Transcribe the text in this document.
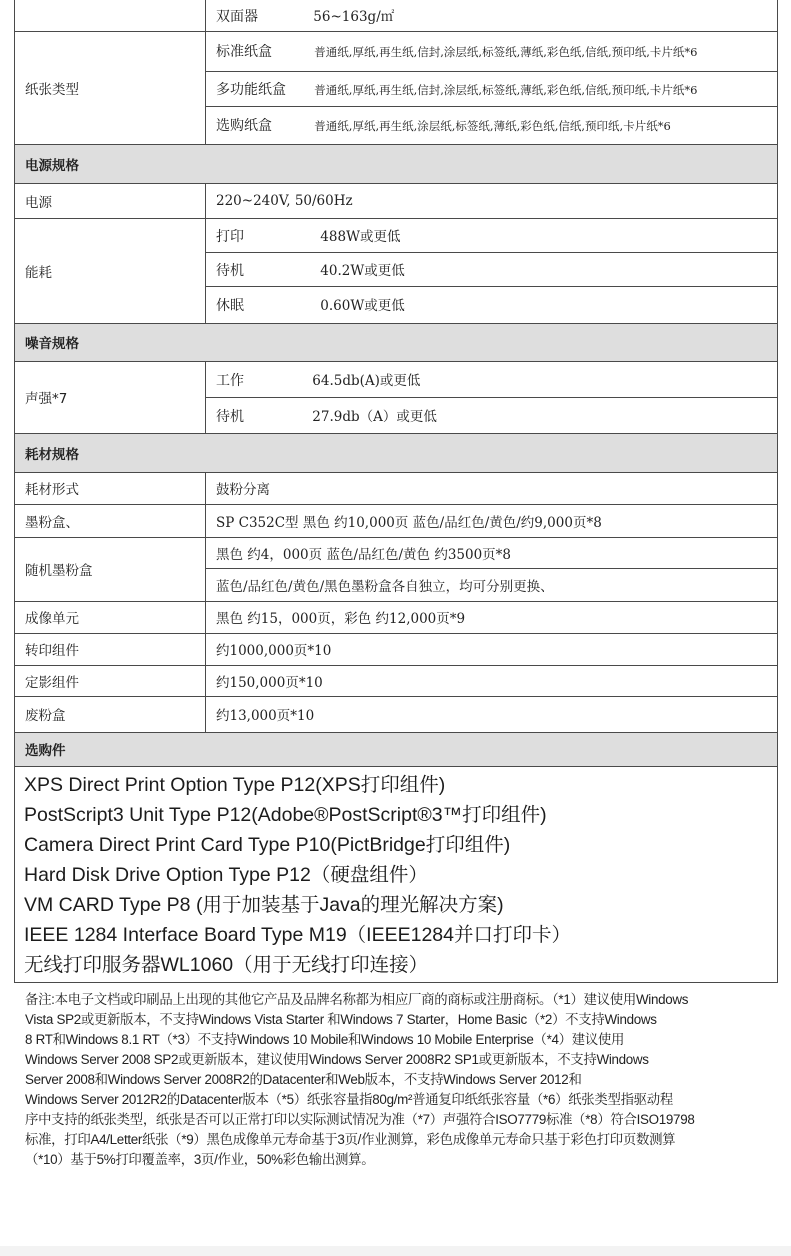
	双面器 56~163g/㎡
纸张类型	标准纸盒 普通纸,厚纸,再生纸,信封,涂层纸,标签纸,薄纸,彩色纸,信纸,预印纸,卡片纸*6
	多功能纸盒 普通纸,厚纸,再生纸,信封,涂层纸,标签纸,薄纸,彩色纸,信纸,预印纸,卡片纸*6
	选购纸盒 普通纸,厚纸,再生纸,涂层纸,标签纸,薄纸,彩色纸,信纸,预印纸,卡片纸*6
电源规格	
电源	220~240V, 50/60Hz
能耗	打印 488W或更低
	待机 40.2W或更低
	休眠 0.60W或更低
噪音规格	
声强*7	工作 64.5db(A)或更低
	待机 27.9db（A）或更低
耗材规格	
耗材形式	鼓粉分离
墨粉盒、	SP C352C型 黑色 约10,000页 蓝色/品红色/黄色/约9,000页*8
随机墨粉盒	黑色 约4，000页 蓝色/品红色/黄色 约3500页*8
	蓝色/品红色/黄色/黑色墨粉盒各自独立，均可分别更换、
成像单元	黑色 约15，000页，彩色 约12,000页*9
转印组件	约1000,000页*10
定影组件	约150,000页*10
废粉盒	约13,000页*10
选购件	
XPS Direct Print Option Type P12(XPS打印组件)
PostScript3 Unit Type P12(Adobe®PostScript®3™打印组件)
Camera Direct Print Card Type P10(PictBridge打印组件)
Hard Disk Drive Option Type P12（硬盘组件）
VM CARD Type P8 (用于加装基于Java的理光解决方案)
IEEE 1284 Interface Board Type M19（IEEE1284并口打印卡）
无线打印服务器WL1060（用于无线打印连接）
备注:本电子文档或印刷品上出现的其他它产品及品牌名称都为相应厂商的商标或注册商标。（*1）建议使用Windows
Vista SP2或更新版本，不支持Windows Vista Starter 和Windows 7 Starter，Home Basic（*2）不支持Windows
8 RT和Windows 8.1 RT（*3）不支持Windows 10 Mobile和Windows 10 Mobile Enterprise（*4）建议使用
Windows Server 2008 SP2或更新版本，建议使用Windows Server 2008R2 SP1或更新版本，不支持Windows
Server 2008和Windows Server 2008R2的Datacenter和Web版本，不支持Windows Server 2012和
Windows Server 2012R2的Datacenter版本（*5）纸张容量指80g/m²普通复印纸纸张容量（*6）纸张类型指驱动程
序中支持的纸张类型，纸张是否可以正常打印以实际测试情况为准（*7）声强符合ISO7779标准（*8）符合ISO19798
标准，打印A4/Letter纸张（*9）黑色成像单元寿命基于3页/作业测算，彩色成像单元寿命只基于彩色打印页数测算
（*10）基于5%打印覆盖率，3页/作业，50%彩色输出测算。
